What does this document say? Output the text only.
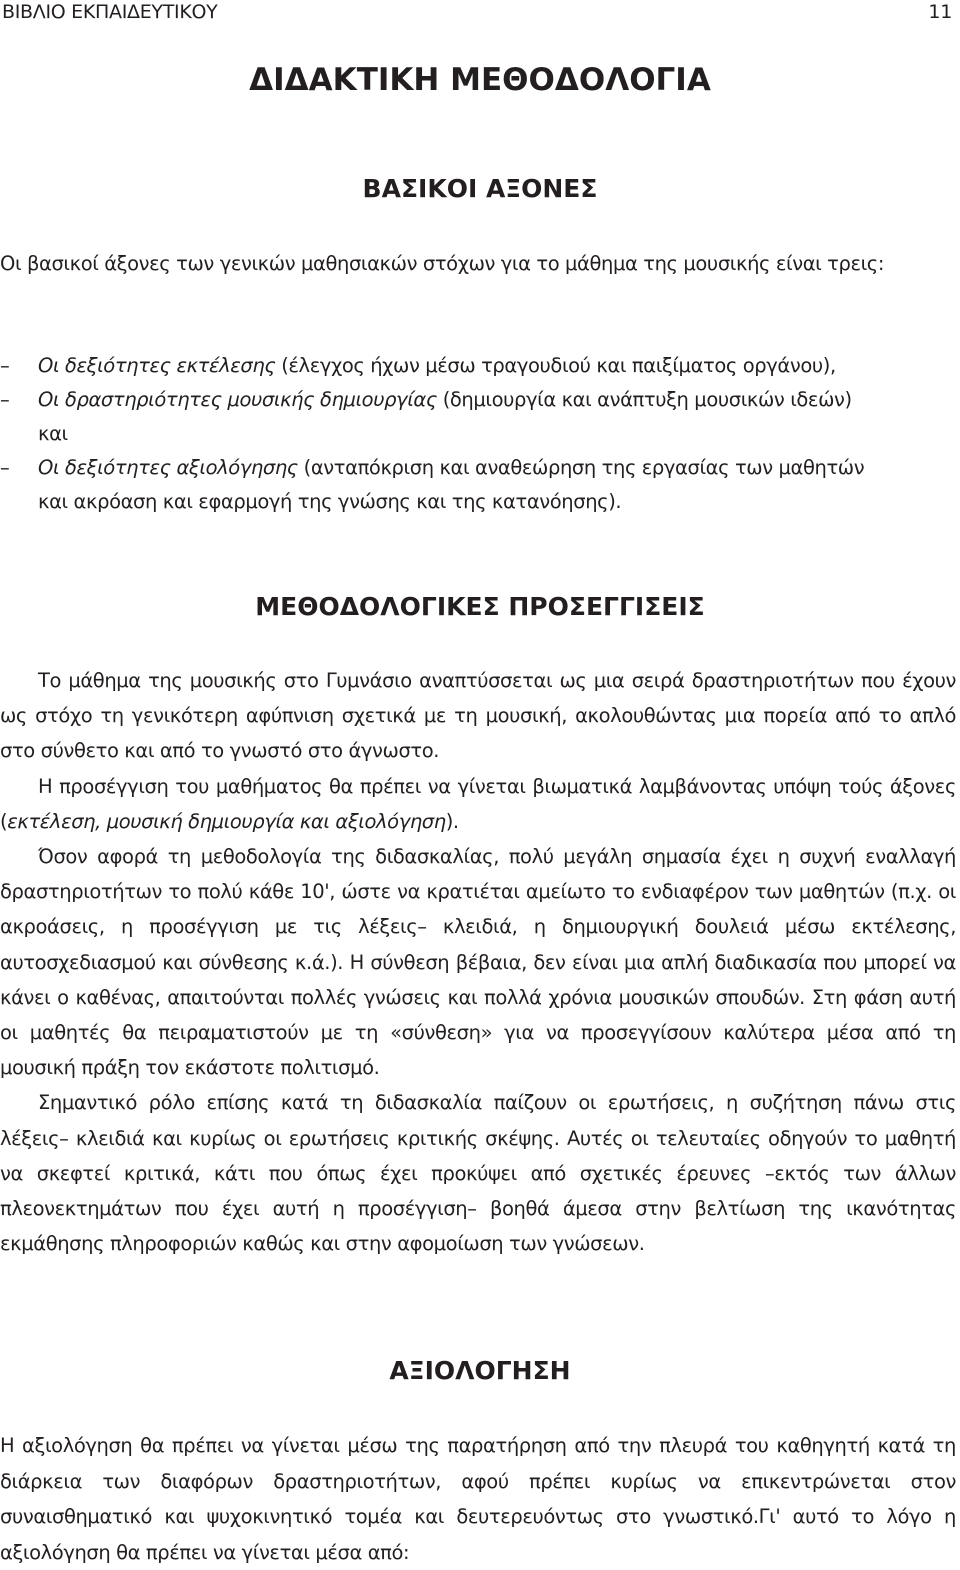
ΒΙΒΛΙΟ ΕΚΠΑΙΔΕΥΤΙΚΟΥ	11
ΔΙΔΑΚΤΙΚΗ ΜΕΘΟΔΟΛΟΓΙΑ
ΒΑΣΙΚΟΙ ΑΞΟΝΕΣ

Οι βασικοί άξονες των γενικών μαθησιακών στόχων για το μάθημα της μουσικής είναι τρεις:

– Οι δεξιότητες εκτέλεσης (έλεγχος ήχων μέσω τραγουδιού και παιξίματος οργάνου),
– Οι δραστηριότητες μουσικής δημιουργίας (δημιουργία και ανάπτυξη μουσικών ιδεών)
και
– Οι δεξιότητες αξιολόγησης (ανταπόκριση και αναθεώρηση της εργασίας των μαθητών
και ακρόαση και εφαρμογή της γνώσης και της κατανόησης).
ΜΕΘΟΔΟΛΟΓΙΚΕΣ ΠΡΟΣΕΓΓΙΣΕΙΣ

Το μάθημα της μουσικής στο Γυμνάσιο αναπτύσσεται ως μια σειρά δραστηριοτήτων που έχουν ως στόχο τη γενικότερη αφύπνιση σχετικά με τη μουσική, ακολουθώντας μια πορεία από το απλό στο σύνθετο και από το γνωστό στο άγνωστο.

Η προσέγγιση του μαθήματος θα πρέπει να γίνεται βιωματικά λαμβάνοντας υπόψη τούς άξονες (εκτέλεση, μουσική δημιουργία και αξιολόγηση).

Όσον αφορά τη μεθοδολογία της διδασκαλίας, πολύ μεγάλη σημασία έχει η συχνή εναλλαγή δραστηριοτήτων το πολύ κάθε 10', ώστε να κρατιέται αμείωτο το ενδιαφέρον των μαθητών (π.χ. οι ακροάσεις, η προσέγγιση με τις λέξεις– κλειδιά, η δημιουργική δουλειά μέσω εκτέλεσης, αυτοσχεδιασμού και σύνθεσης κ.ά.). Η σύνθεση βέβαια, δεν είναι μια απλή διαδικασία που μπορεί να κάνει ο καθένας, απαιτούνται πολλές γνώσεις και πολλά χρόνια μουσικών σπουδών. Στη φάση αυτή οι μαθητές θα πειραματιστούν με τη «σύνθεση» για να προσεγγίσουν καλύτερα μέσα από τη μουσική πράξη τον εκάστοτε πολιτισμό.

Σημαντικό ρόλο επίσης κατά τη διδασκαλία παίζουν οι ερωτήσεις, η συζήτηση πάνω στις λέξεις– κλειδιά και κυρίως οι ερωτήσεις κριτικής σκέψης. Αυτές οι τελευταίες οδηγούν το μαθητή να σκεφτεί κριτικά, κάτι που όπως έχει προκύψει από σχετικές έρευνες –εκτός των άλλων πλεονεκτημάτων που έχει αυτή η προσέγγιση– βοηθά άμεσα στην βελτίωση της ικανότητας εκμάθησης πληροφοριών καθώς και στην αφομοίωση των γνώσεων.

ΑΞΙΟΛΟΓΗΣΗ

Η αξιολόγηση θα πρέπει να γίνεται μέσω της παρατήρηση από την πλευρά του καθηγητή κατά τη διάρκεια των διαφόρων δραστηριοτήτων, αφού πρέπει κυρίως να επικεντρώνεται στον συναισθηματικό και ψυχοκινητικό τομέα και δευτερευόντως στο γνωστικό.Γι' αυτό το λόγο η αξιολόγηση θα πρέπει να γίνεται μέσα από:
